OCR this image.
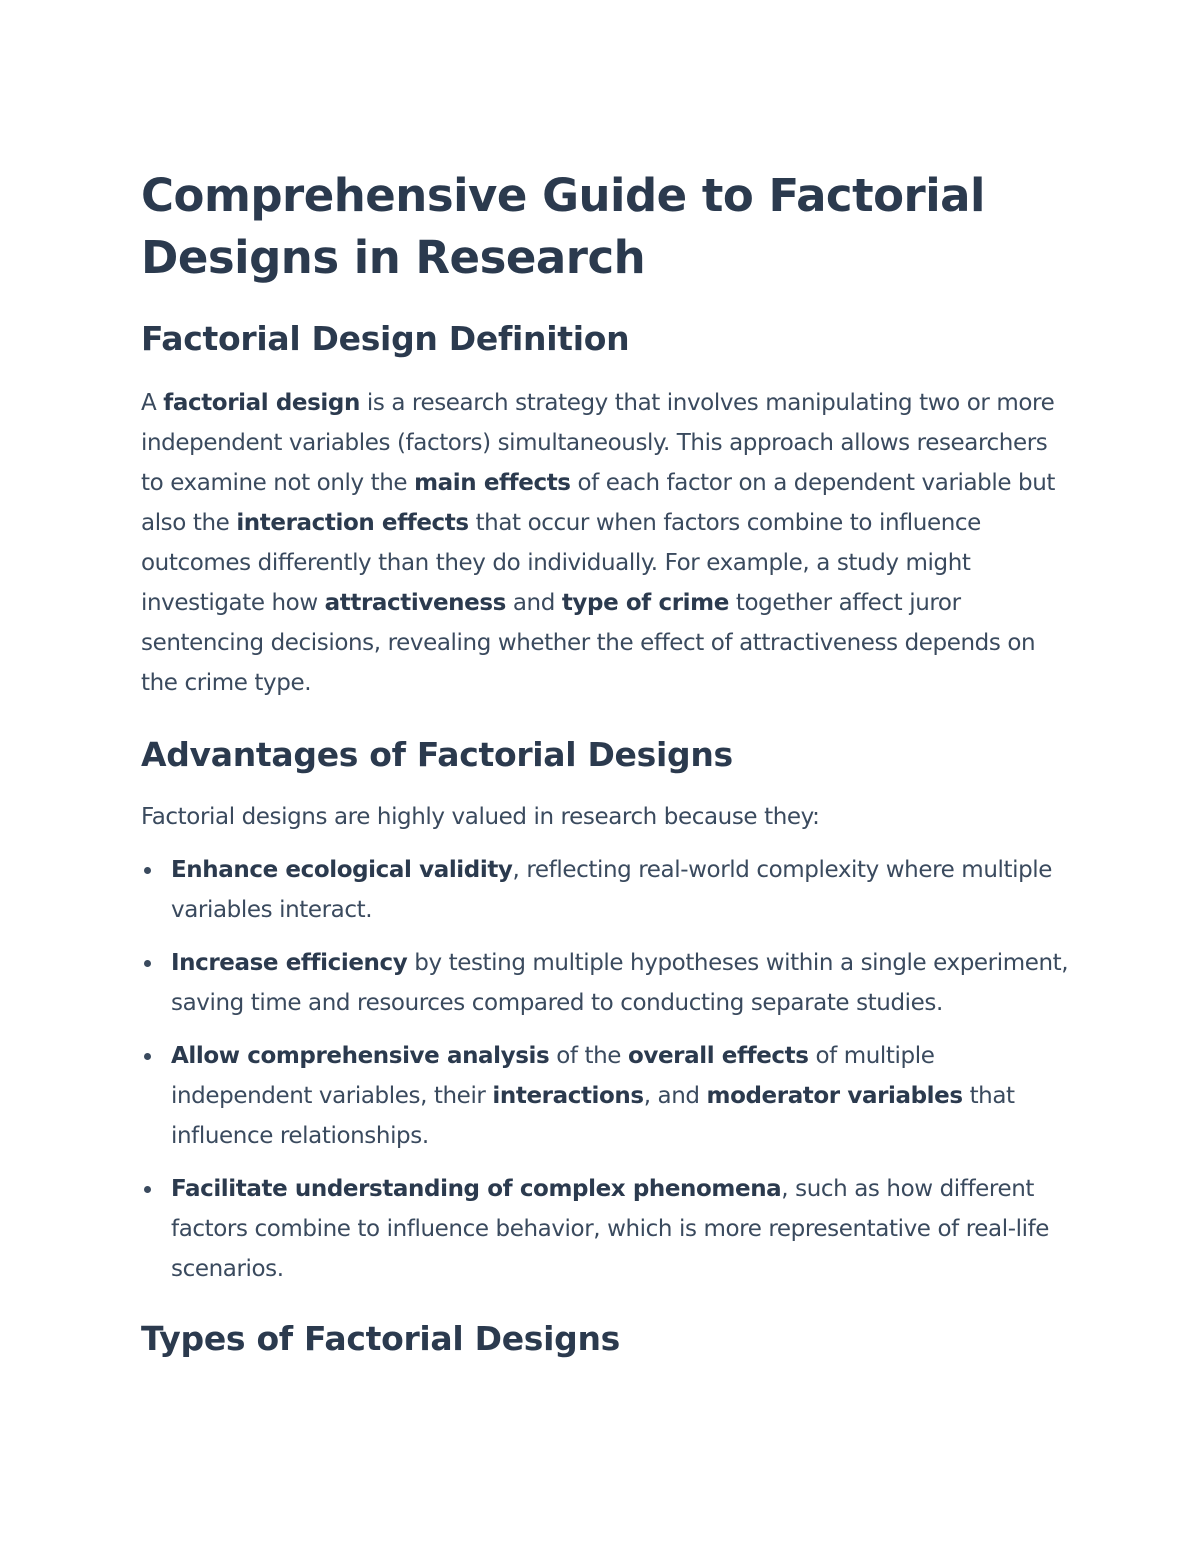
Comprehensive Guide to Factorial Designs in Research
Factorial Design Definition

A factorial design is a research strategy that involves manipulating two or more independent variables (factors) simultaneously. This approach allows researchers to examine not only the main effects of each factor on a dependent variable but also the interaction effects that occur when factors combine to influence outcomes differently than they do individually. For example, a study might investigate how attractiveness and type of crime together affect juror sentencing decisions, revealing whether the effect of attractiveness depends on the crime type.

Advantages of Factorial Designs

Factorial designs are highly valued in research because they:

Enhance ecological validity, reflecting real-world complexity where multiple variables interact.
Increase efficiency by testing multiple hypotheses within a single experiment, saving time and resources compared to conducting separate studies.
Allow comprehensive analysis of the overall effects of multiple independent variables, their interactions, and moderator variables that influence relationships.
Facilitate understanding of complex phenomena, such as how different factors combine to influence behavior, which is more representative of real-life scenarios.
Types of Factorial Designs
